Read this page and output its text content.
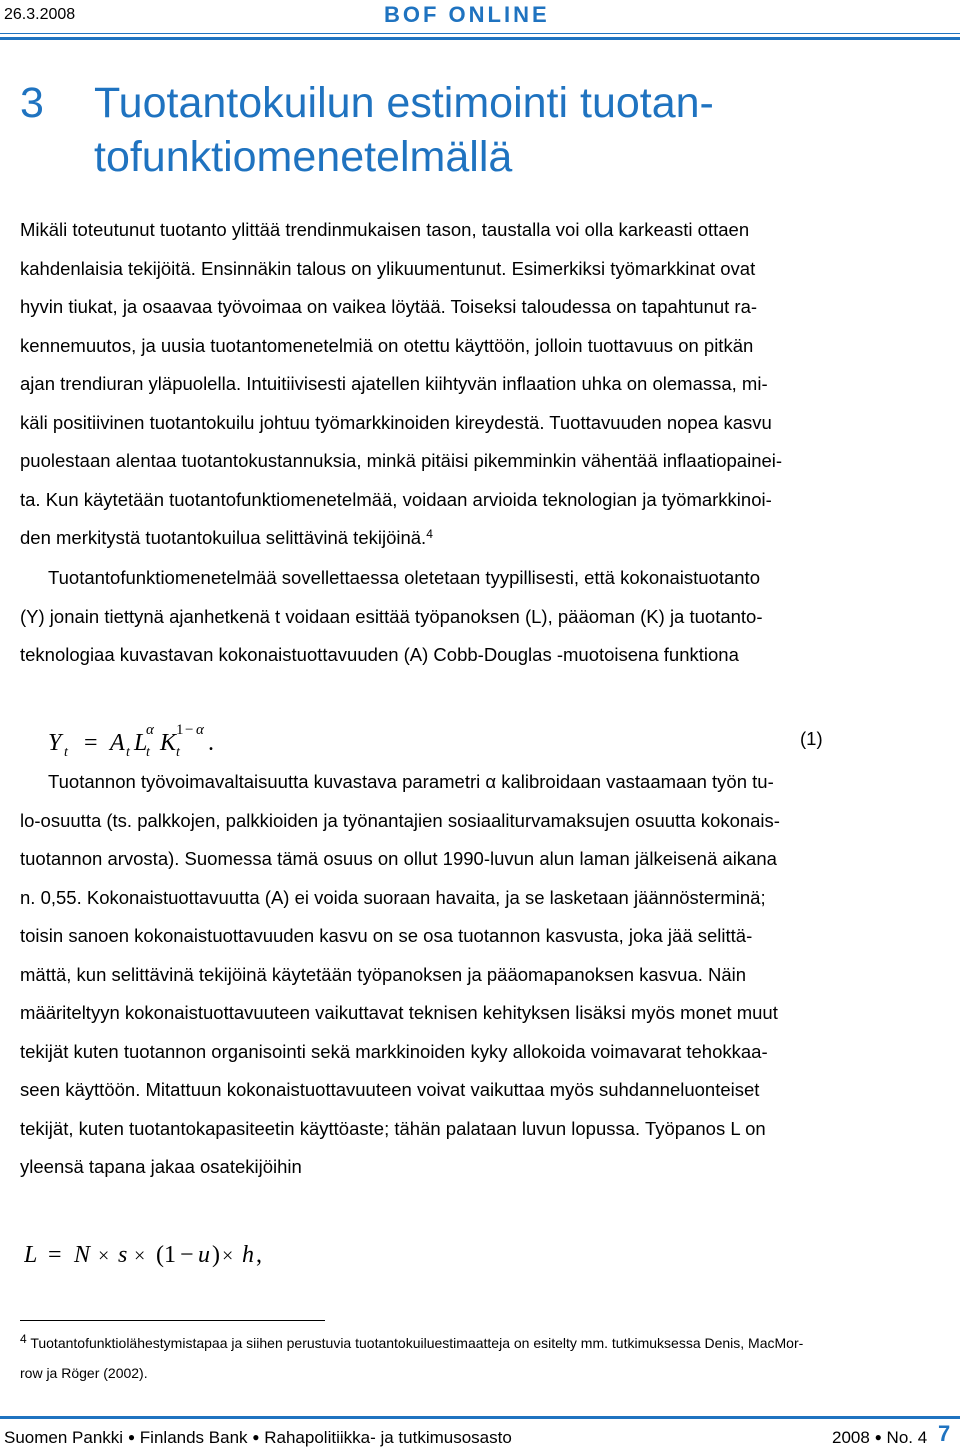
26.3.2008	BOF ONLINE
3 Tuotantokuilun estimointi tuotan-
tofunktiomenetelmällä
Mikäli toteutunut tuotanto ylittää trendinmukaisen tason, taustalla voi olla karkeasti ottaen
kahdenlaisia tekijöitä. Ensinnäkin talous on ylikuumentunut. Esimerkiksi työmarkkinat ovat
hyvin tiukat, ja osaavaa työvoimaa on vaikea löytää. Toiseksi taloudessa on tapahtunut ra-
kennemuutos, ja uusia tuotantomenetelmiä on otettu käyttöön, jolloin tuottavuus on pitkän
ajan trendiuran yläpuolella. Intuitiivisesti ajatellen kiihtyvän inflaation uhka on olemassa, mi-
käli positiivinen tuotantokuilu johtuu työmarkkinoiden kireydestä. Tuottavuuden nopea kasvu
puolestaan alentaa tuotantokustannuksia, minkä pitäisi pikemminkin vähentää inflaatiopainei-
ta. Kun käytetään tuotantofunktiomenetelmää, voidaan arvioida teknologian ja työmarkkinoi-
den merkitystä tuotantokuilua selittävinä tekijöinä.$^4$
Tuotantofunktiomenetelmää sovellettaessa oletetaan tyypillisesti, että kokonaistuotanto
(Y) jonain tiettynä ajanhetkenä t voidaan esittää työpanoksen (L), pääoman (K) ja tuotanto-
teknologiaa kuvastavan kokonaistuottavuuden (A) Cobb-Douglas -muotoisena funktiona
Y t = A t L
t
α K t
1 − α .	(1)
Tuotannon työvoimavaltaisuutta kuvastava parametri α kalibroidaan vastaamaan työn tu-
lo-osuutta (ts. palkkojen, palkkioiden ja työnantajien sosiaaliturvamaksujen osuutta kokonais-
tuotannon arvosta). Suomessa tämä osuus on ollut 1990-luvun alun laman jälkeisenä aikana
n. 0,55. Kokonaistuottavuutta (A) ei voida suoraan havaita, ja se lasketaan jäännösterminä;
toisin sanoen kokonaistuottavuuden kasvu on se osa tuotannon kasvusta, joka jää selittä-
mättä, kun selittävinä tekijöinä käytetään työpanoksen ja pääomapanoksen kasvua. Näin
määriteltyyn kokonaistuottavuuteen vaikuttavat teknisen kehityksen lisäksi myös monet muut
tekijät kuten tuotannon organisointi sekä markkinoiden kyky allokoida voimavarat tehokkaa-
seen käyttöön. Mitattuun kokonaistuottavuuteen voivat vaikuttaa myös suhdanneluonteiset
tekijät, kuten tuotantokapasiteetin käyttöaste; tähän palataan luvun lopussa. Työpanos L on
yleensä tapana jakaa osatekijöihin
L = N × s × (1 − u ) × h ,
$^4$ Tuotantofunktiolähestymistapaa ja siihen perustuvia tuotantokuiluestimaatteja on esitelty mm. tutkimuksessa Denis, MacMor-
row ja Röger (2002).
Suomen Pankki ● Finlands Bank ● Rahapolitiikka- ja tutkimusosasto	2008 ● No. 4 7
